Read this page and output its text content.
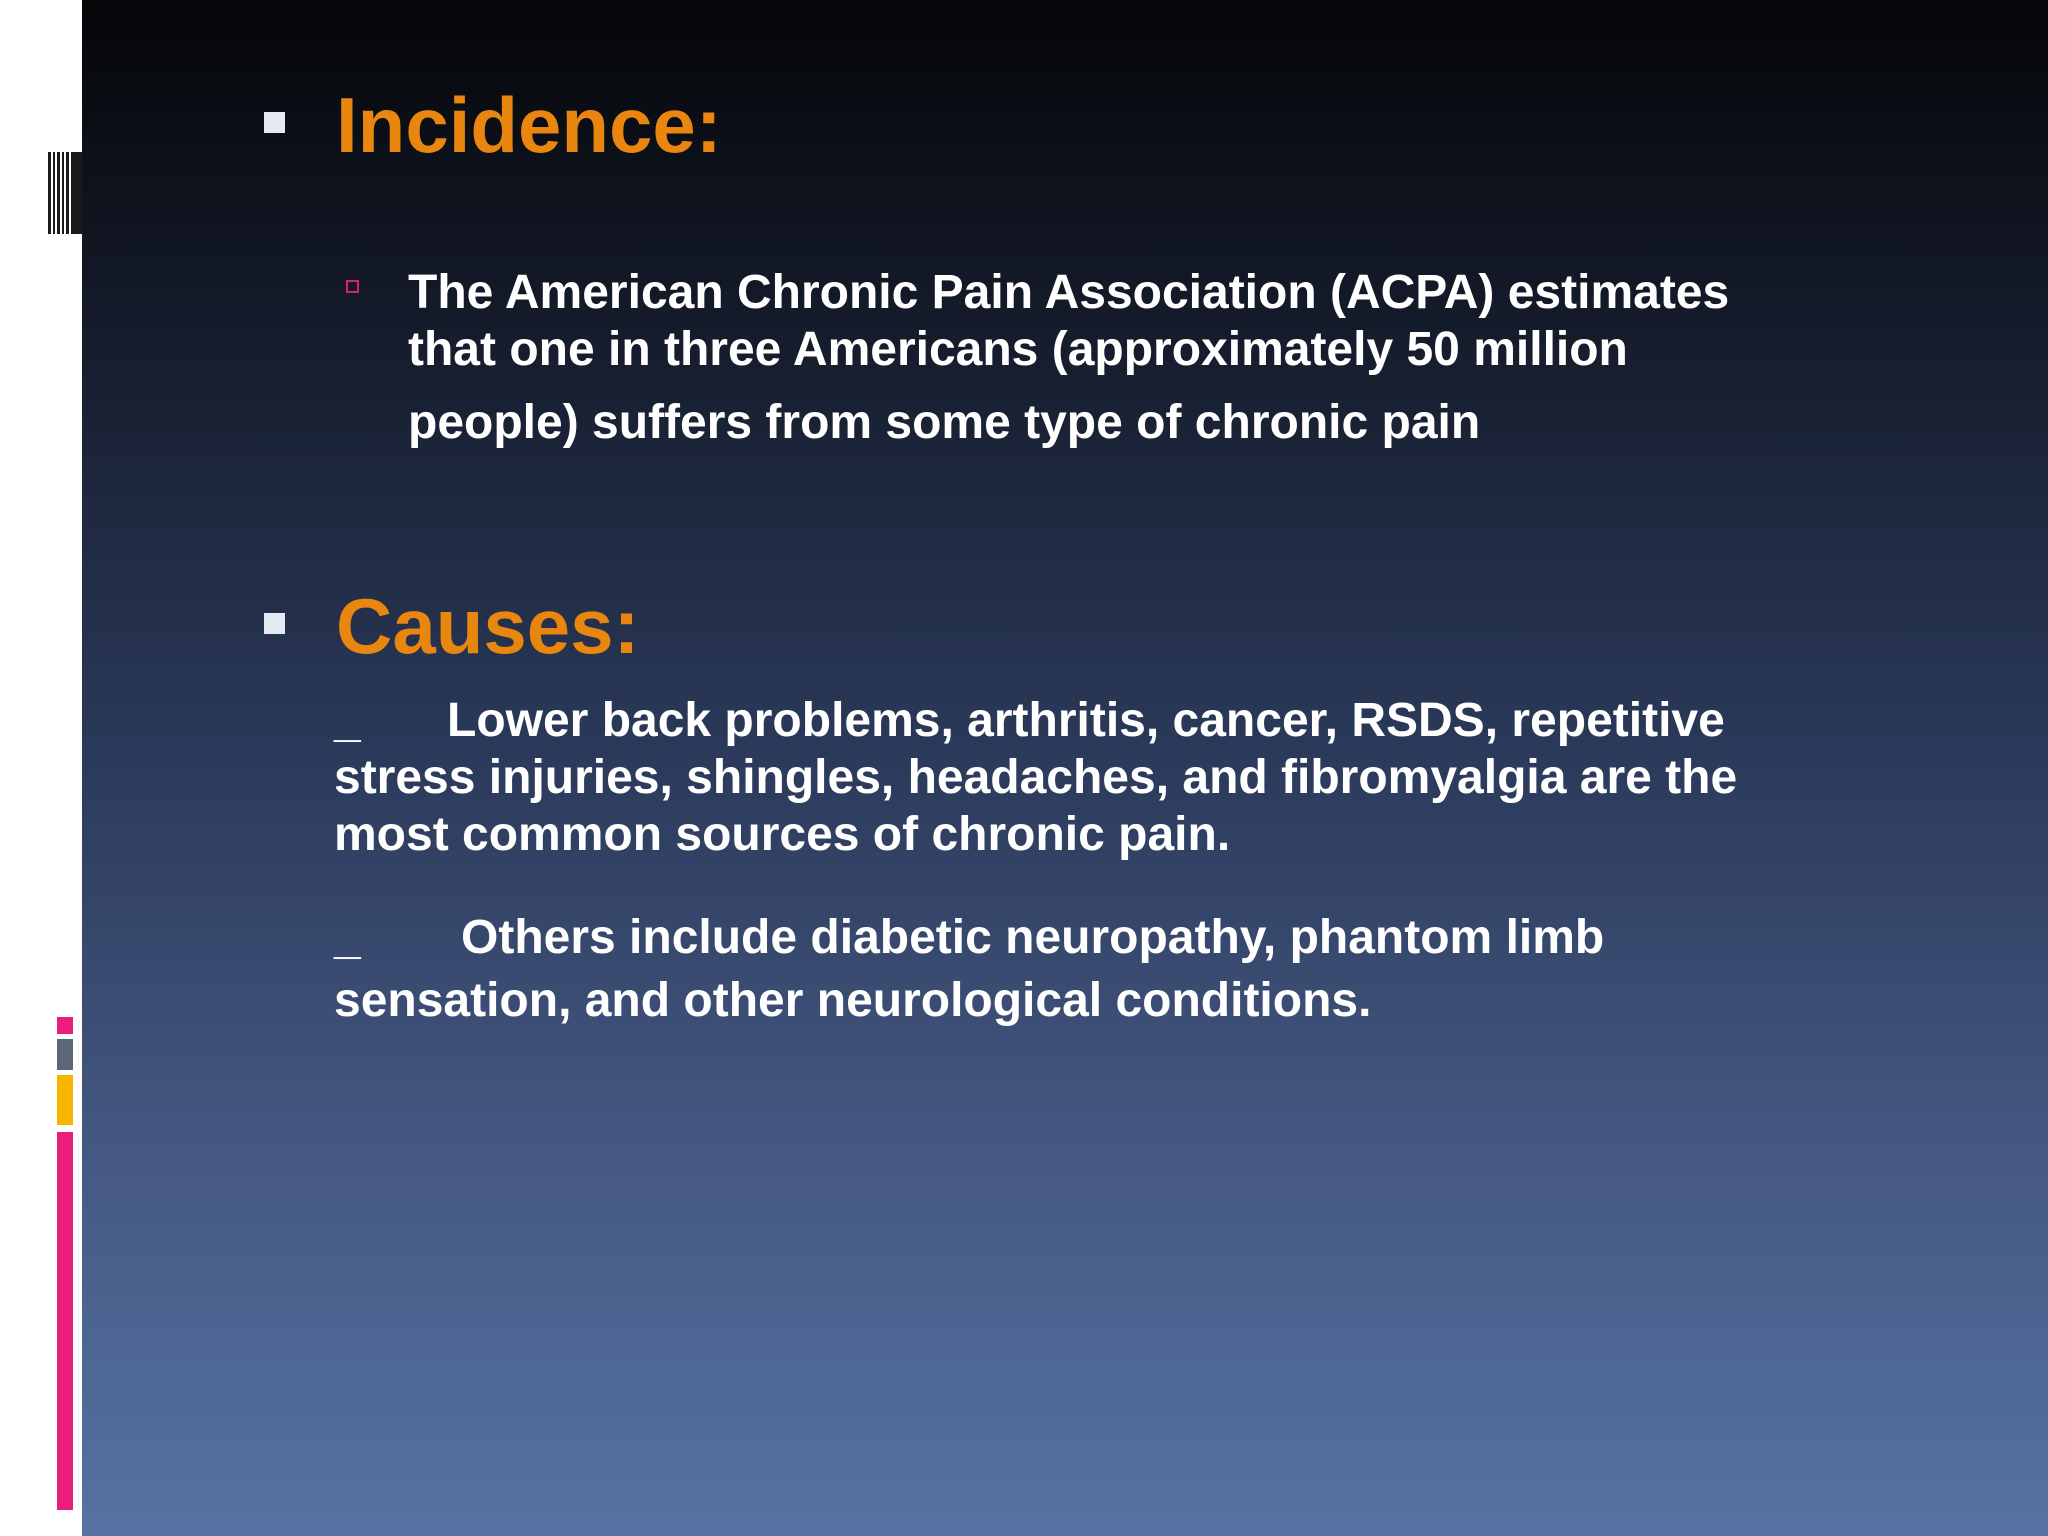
Incidence:

The American Chronic Pain Association (ACPA) estimates
that one in three Americans (approximately 50 million
people) suffers from some type of chronic pain

Causes:

_ Lower back problems, arthritis, cancer, RSDS, repetitive
stress injuries, shingles, headaches, and fibromyalgia are the
most common sources of chronic pain.

_ Others include diabetic neuropathy, phantom limb
sensation, and other neurological conditions.
